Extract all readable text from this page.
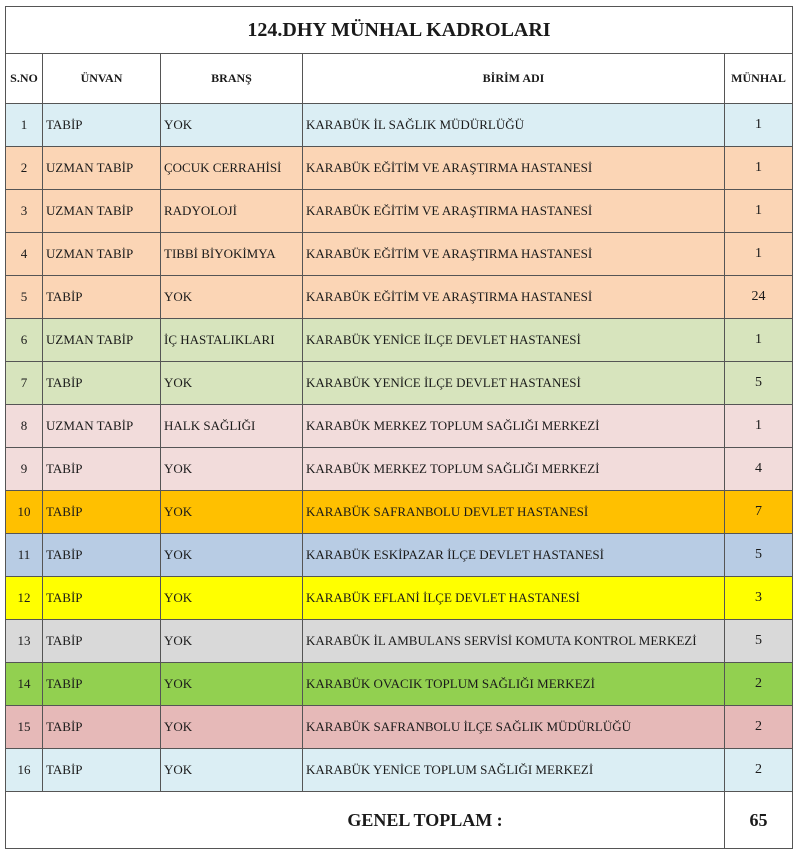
124.DHY MÜNHAL KADROLARI				
S.NO	ÜNVAN	BRANŞ	BİRİM ADI	MÜNHAL
1	TABİP	YOK	KARABÜK İL SAĞLIK MÜDÜRLÜĞÜ	1
2	UZMAN TABİP	ÇOCUK CERRAHİSİ	KARABÜK EĞİTİM VE ARAŞTIRMA HASTANESİ	1
3	UZMAN TABİP	RADYOLOJİ	KARABÜK EĞİTİM VE ARAŞTIRMA HASTANESİ	1
4	UZMAN TABİP	TIBBİ BİYOKİMYA	KARABÜK EĞİTİM VE ARAŞTIRMA HASTANESİ	1
5	TABİP	YOK	KARABÜK EĞİTİM VE ARAŞTIRMA HASTANESİ	24
6	UZMAN TABİP	İÇ HASTALIKLARI	KARABÜK YENİCE İLÇE DEVLET HASTANESİ	1
7	TABİP	YOK	KARABÜK YENİCE İLÇE DEVLET HASTANESİ	5
8	UZMAN TABİP	HALK SAĞLIĞI	KARABÜK MERKEZ TOPLUM SAĞLIĞI MERKEZİ	1
9	TABİP	YOK	KARABÜK MERKEZ TOPLUM SAĞLIĞI MERKEZİ	4
10	TABİP	YOK	KARABÜK SAFRANBOLU DEVLET HASTANESİ	7
11	TABİP	YOK	KARABÜK ESKİPAZAR İLÇE DEVLET HASTANESİ	5
12	TABİP	YOK	KARABÜK EFLANİ İLÇE DEVLET HASTANESİ	3
13	TABİP	YOK	KARABÜK İL AMBULANS SERVİSİ KOMUTA KONTROL MERKEZİ	5
14	TABİP	YOK	KARABÜK OVACIK TOPLUM SAĞLIĞI MERKEZİ	2
15	TABİP	YOK	KARABÜK SAFRANBOLU İLÇE SAĞLIK MÜDÜRLÜĞÜ	2
16	TABİP	YOK	KARABÜK YENİCE TOPLUM SAĞLIĞI MERKEZİ	2
GENEL TOPLAM :				65
